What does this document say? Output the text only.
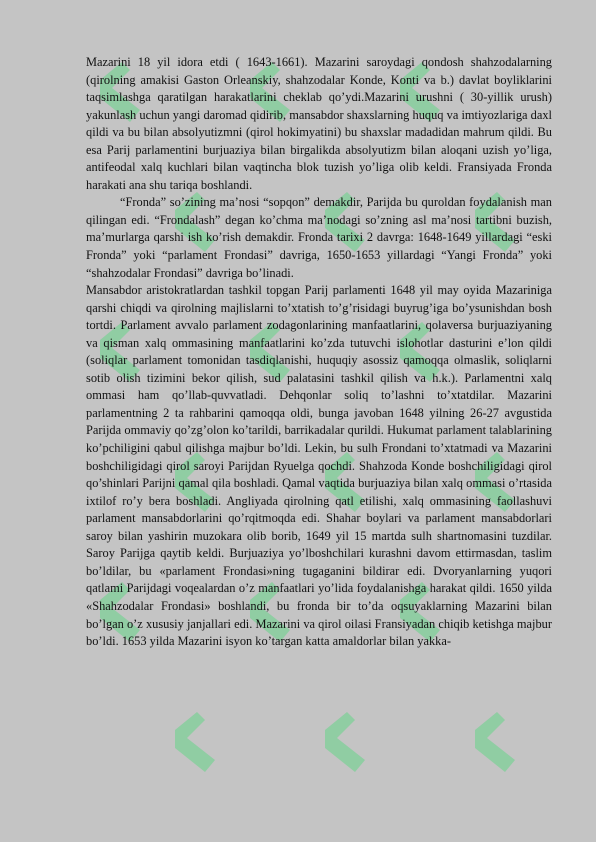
Mazarini 18 yil idora etdi ( 1643-1661). Mazarini saroydagi qondosh shahzodalarning (qirolning amakisi Gaston Orleanskiy, shahzodalar Konde, Konti va b.) davlat boyliklarini taqsimlashga qaratilgan harakatlarini cheklab qo’ydi.Mazarini urushni ( 30-yillik urush) yakunlash uchun yangi daromad qidirib, mansabdor shaxslarning huquq va imtiyozlariga daxl qildi va bu bilan absolyutizmni (qirol hokimyatini) bu shaxslar madadidan mahrum qildi. Bu esa Parij parlamentini burjuaziya bilan birgalikda absolyutizm bilan aloqani uzish yo’liga, antifeodal xalq kuchlari bilan vaqtincha blok tuzish yo’liga olib keldi. Fransiyada Fronda harakati ana shu tariqa boshlandi.

“Fronda” so’zining ma’nosi “sopqon” demakdir, Parijda bu quroldan foydalanish man qilingan edi. “Frondalash” degan ko’chma ma’nodagi so’zning asl ma’nosi tartibni buzish, ma’murlarga qarshi ish ko’rish demakdir. Fronda tarixi 2 davrga: 1648-1649 yillardagi “eski Fronda” yoki “parlament Frondasi” davriga, 1650-1653 yillardagi “Yangi Fronda” yoki “shahzodalar Frondasi” davriga bo’linadi.

Mansabdor aristokratlardan tashkil topgan Parij parlamenti 1648 yil may oyida Mazariniga qarshi chiqdi va qirolning majlislarni to’xtatish to’g’risidagi buyrug’iga bo’ysunishdan bosh tortdi. Parlament avvalo parlament zodagonlarining manfaatlarini, qolaversa burjuaziyaning va qisman xalq ommasining manfaatlarini ko’zda tutuvchi islohotlar dasturini e’lon qildi (soliqlar parlament tomonidan tasdiqlanishi, huquqiy asossiz qamoqqa olmaslik, soliqlarni sotib olish tizimini bekor qilish, sud palatasini tashkil qilish va h.k.). Parlamentni xalq ommasi ham qo’llab-quvvatladi. Dehqonlar soliq to’lashni to’xtatdilar. Mazarini parlamentning 2 ta rahbarini qamoqqa oldi, bunga javoban 1648 yilning 26-27 avgustida Parijda ommaviy qo’zg’olon ko’tarildi, barrikadalar qurildi. Hukumat parlament talablarining ko’pchiligini qabul qilishga majbur bo’ldi. Lekin, bu sulh Frondani to’xtatmadi va Mazarini boshchiligidagi qirol saroyi Parijdan Ryuelga qochdi. Shahzoda Konde boshchiligidagi qirol qo’shinlari Parijni qamal qila boshladi. Qamal vaqtida burjuaziya bilan xalq ommasi o’rtasida ixtilof ro’y bera boshladi. Angliyada qirolning qatl etilishi, xalq ommasining faollashuvi parlament mansabdorlarini qo’rqitmoqda edi. Shahar boylari va parlament mansabdorlari saroy bilan yashirin muzokara olib borib, 1649 yil 15 martda sulh shartnomasini tuzdilar. Saroy Parijga qaytib keldi. Burjuaziya yo’lboshchilari kurashni davom ettirmasdan, taslim bo’ldilar, bu «parlament Frondasi»ning tugaganini bildirar edi. Dvoryanlarning yuqori qatlami Parijdagi voqealardan o’z manfaatlari yo’lida foydalanishga harakat qildi. 1650 yilda «Shahzodalar Frondasi» boshlandi, bu fronda bir to’da oqsuyaklarning Mazarini bilan bo’lgan o’z xususiy janjallari edi. Mazarini va qirol oilasi Fransiyadan chiqib ketishga majbur bo’ldi. 1653 yilda Mazarini isyon ko’targan katta amaldorlar bilan yakka-
